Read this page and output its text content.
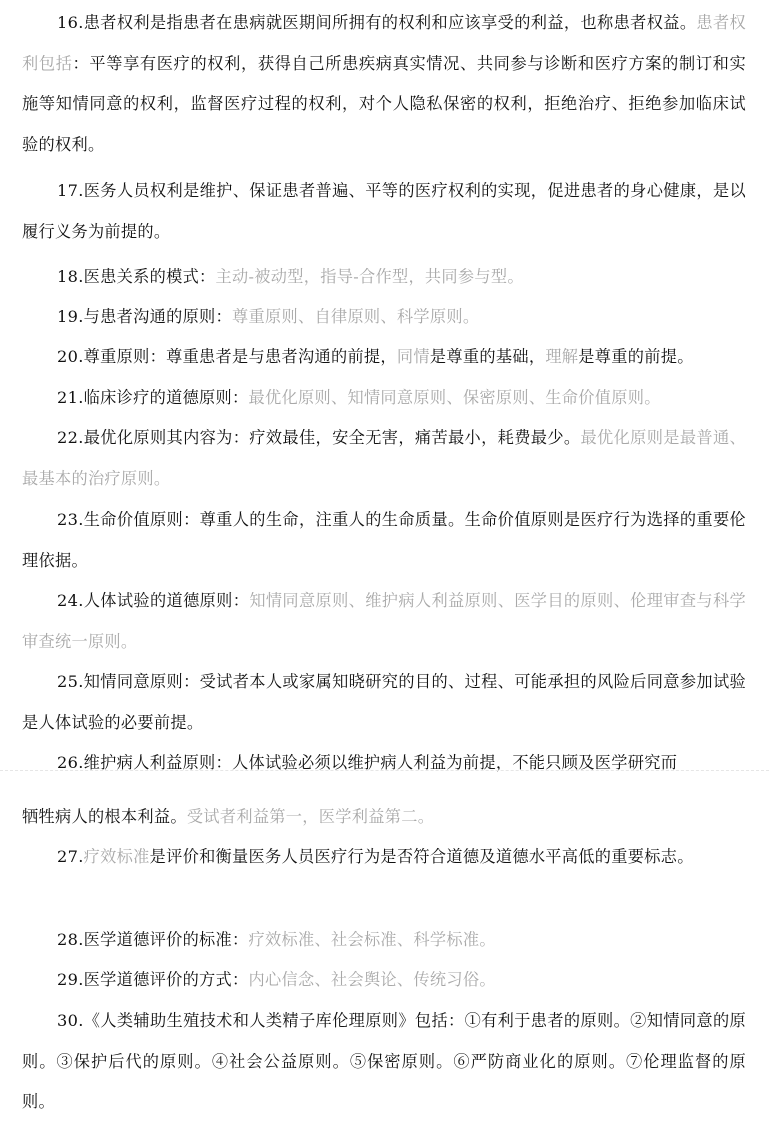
16.患者权利是指患者在患病就医期间所拥有的权利和应该享受的利益，也称患者权益。患者权利包括：平等享有医疗的权利，获得自己所患疾病真实情况、共同参与诊断和医疗方案的制订和实施等知情同意的权利，监督医疗过程的权利，对个人隐私保密的权利，拒绝治疗、拒绝参加临床试验的权利。

17.医务人员权利是维护、保证患者普遍、平等的医疗权利的实现，促进患者的身心健康，是以履行义务为前提的。

18.医患关系的模式：主动-被动型，指导-合作型，共同参与型。

19.与患者沟通的原则：尊重原则、自律原则、科学原则。

20.尊重原则：尊重患者是与患者沟通的前提，同情是尊重的基础，理解是尊重的前提。

21.临床诊疗的道德原则：最优化原则、知情同意原则、保密原则、生命价值原则。

22.最优化原则其内容为：疗效最佳，安全无害，痛苦最小，耗费最少。最优化原则是最普通、最基本的治疗原则。

23.生命价值原则：尊重人的生命，注重人的生命质量。生命价值原则是医疗行为选择的重要伦理依据。

24.人体试验的道德原则：知情同意原则、维护病人利益原则、医学目的原则、伦理审查与科学审查统一原则。

25.知情同意原则：受试者本人或家属知晓研究的目的、过程、可能承担的风险后同意参加试验是人体试验的必要前提。

26.维护病人利益原则：人体试验必须以维护病人利益为前提，不能只顾及医学研究而

牺牲病人的根本利益。受试者利益第一，医学利益第二。

27.疗效标准是评价和衡量医务人员医疗行为是否符合道德及道德水平高低的重要标志。

28.医学道德评价的标准：疗效标准、社会标准、科学标准。

29.医学道德评价的方式：内心信念、社会舆论、传统习俗。

30.《人类辅助生殖技术和人类精子库伦理原则》包括：①有利于患者的原则。②知情同意的原则。③保护后代的原则。④社会公益原则。⑤保密原则。⑥严防商业化的原则。⑦伦理监督的原则。
